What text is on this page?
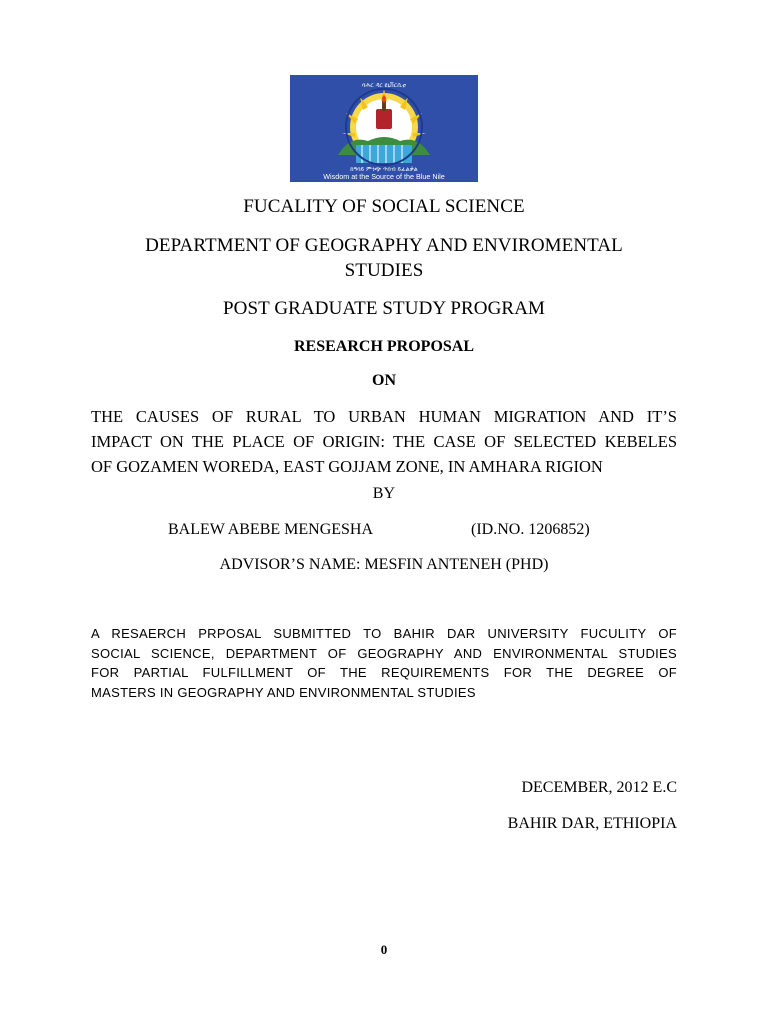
ባሕር ዳር ዩኒቨርሲቲ
ከዓባይ ምንጭ ጥበብ ይፈልቃል
Wisdom at the Source of the Blue Nile
FUCALITY OF SOCIAL SCIENCE
DEPARTMENT OF GEOGRAPHY AND ENVIROMENTAL
STUDIES
POST GRADUATE STUDY PROGRAM
RESEARCH PROPOSAL
ON
THE CAUSES OF RURAL TO URBAN HUMAN MIGRATION AND IT’S
IMPACT ON THE PLACE OF ORIGIN: THE CASE OF SELECTED KEBELES
OF GOZAMEN WOREDA, EAST GOJJAM ZONE, IN AMHARA RIGION
BY
BALEW ABEBE MENGESHA	(ID.NO. 1206852)
ADVISOR’S NAME: MESFIN ANTENEH (PHD)
A RESAERCH PRPOSAL SUBMITTED TO BAHIR DAR UNIVERSITY FUCULITY OF
SOCIAL SCIENCE, DEPARTMENT OF GEOGRAPHY AND ENVIRONMENTAL STUDIES
FOR PARTIAL FULFILLMENT OF THE REQUIREMENTS FOR THE DEGREE OF
MASTERS IN GEOGRAPHY AND ENVIRONMENTAL STUDIES
DECEMBER, 2012 E.C
BAHIR DAR, ETHIOPIA
0
